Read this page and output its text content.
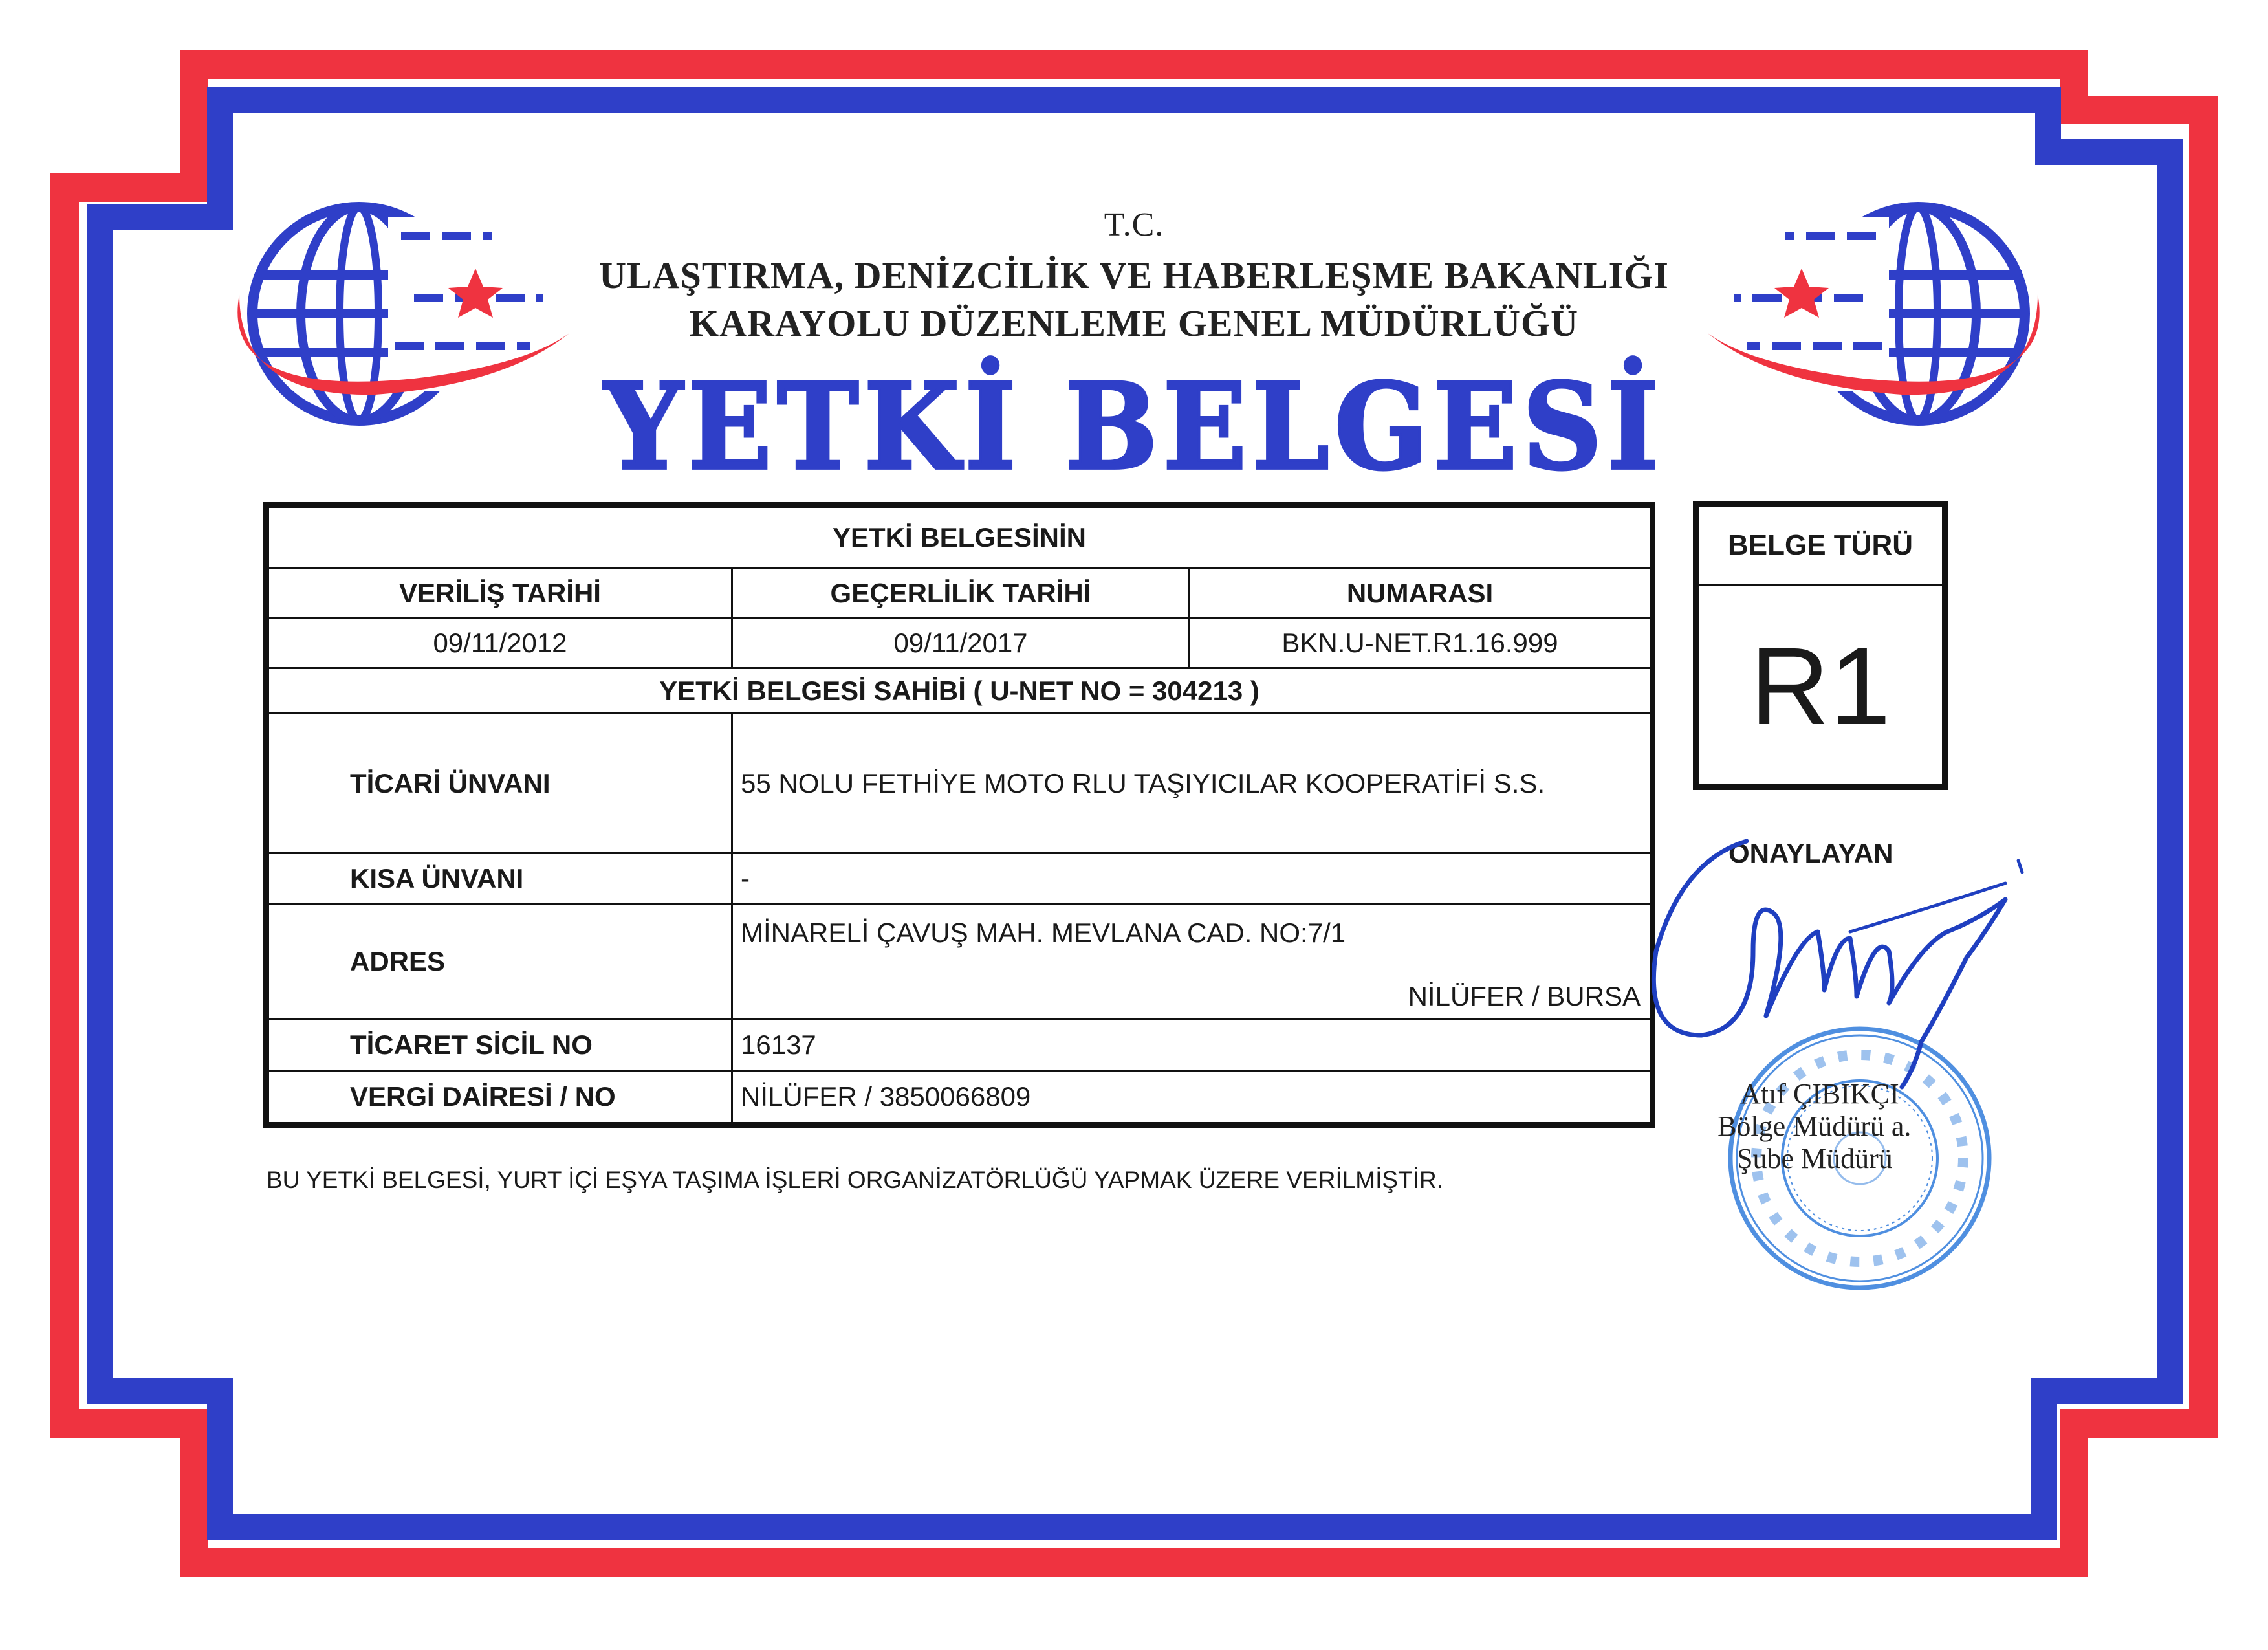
T.C.
ULAŞTIRMA, DENİZCİLİK VE HABERLEŞME BAKANLIĞI
KARAYOLU DÜZENLEME GENEL MÜDÜRLÜĞÜ
YETKİ BELGESİ
YETKİ BELGESİNİN		
VERİLİŞ TARİHİ	GEÇERLİLİK TARİHİ	NUMARASI
09/11/2012	09/11/2017	BKN.U-NET.R1.16.999
YETKİ BELGESİ SAHİBİ ( U-NET NO = 304213 )		
TİCARİ ÜNVANI	55 NOLU FETHİYE MOTO RLU TAŞIYICILAR KOOPERATİFİ S.S.	
KISA ÜNVANI	-	
ADRES	MİNARELİ ÇAVUŞ MAH. MEVLANA CAD. NO:7/1
NİLÜFER / BURSA	

TİCARET SİCİL NO	16137	
VERGİ DAİRESİ / NO	NİLÜFER / 3850066809	
BU YETKİ BELGESİ, YURT İÇİ EŞYA TAŞIMA İŞLERİ ORGANİZATÖRLÜĞÜ YAPMAK ÜZERE VERİLMİŞTİR.
BELGE TÜRÜ
R1
ONAYLAYAN
Atıf ÇIBIKÇI
Bölge Müdürü a.
Şube Müdürü
